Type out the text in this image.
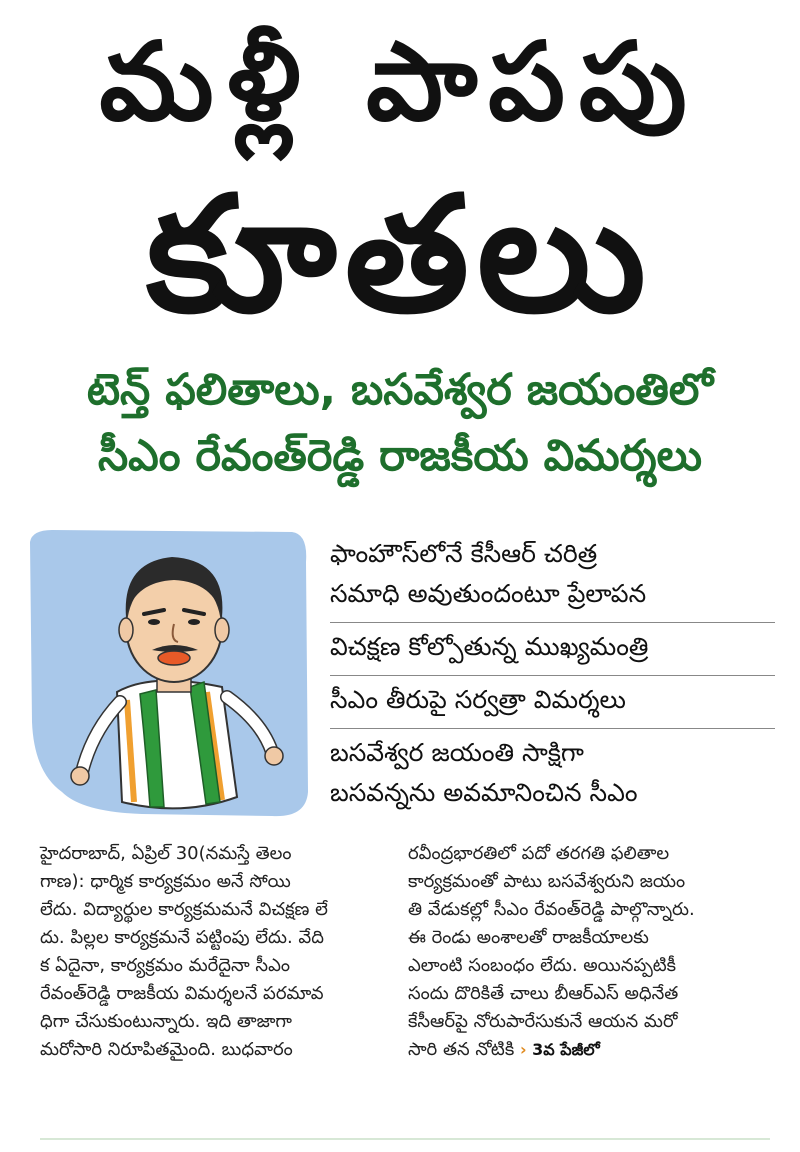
మళ్లీ పాపపు
కూతలు
టెన్త్‌ ఫలితాలు, బసవేశ్వర జయంతిలో
సీఎం రేవంత్‌రెడ్డి రాజకీయ విమర్శలు
ఫాంహౌస్‌లోనే కేసీఆర్‌ చరిత్ర
సమాధి అవుతుందంటూ ప్రేలాపన
విచక్షణ కోల్పోతున్న ముఖ్యమంత్రి
సీఎం తీరుపై సర్వత్రా విమర్శలు
బసవేశ్వర జయంతి సాక్షిగా
బసవన్నను అవమానించిన సీఎం
హైదరాబాద్‌, ఏప్రిల్‌ 30(నమస్తే తెలం
గాణ): ధార్మిక కార్యక్రమం అనే సోయి
లేదు. విద్యార్థుల కార్యక్రమమనే విచక్షణ లే
దు. పిల్లల కార్యక్రమనే పట్టింపు లేదు. వేది
క ఏదైనా, కార్యక్రమం మరేదైనా సీఎం
రేవంత్‌రెడ్డి రాజకీయ విమర్శలనే పరమావ
ధిగా చేసుకుంటున్నారు. ఇది తాజాగా
మరోసారి నిరూపితమైంది. బుధవారం
రవీంద్రభారతిలో పదో తరగతి ఫలితాల
కార్యక్రమంతో పాటు బసవేశ్వరుని జయం
తి వేడుకల్లో సీఎం రేవంత్‌రెడ్డి పాల్గొన్నారు.
ఈ రెండు అంశాలతో రాజకీయాలకు
ఎలాంటి సంబంధం లేదు. అయినప్పటికీ
సందు దొరికితే చాలు బీఆర్‌ఎస్‌ అధినేత
కేసీఆర్‌పై నోరుపారేసుకునే ఆయన మరో
సారి తన నోటికి › 3వ పేజీలో
